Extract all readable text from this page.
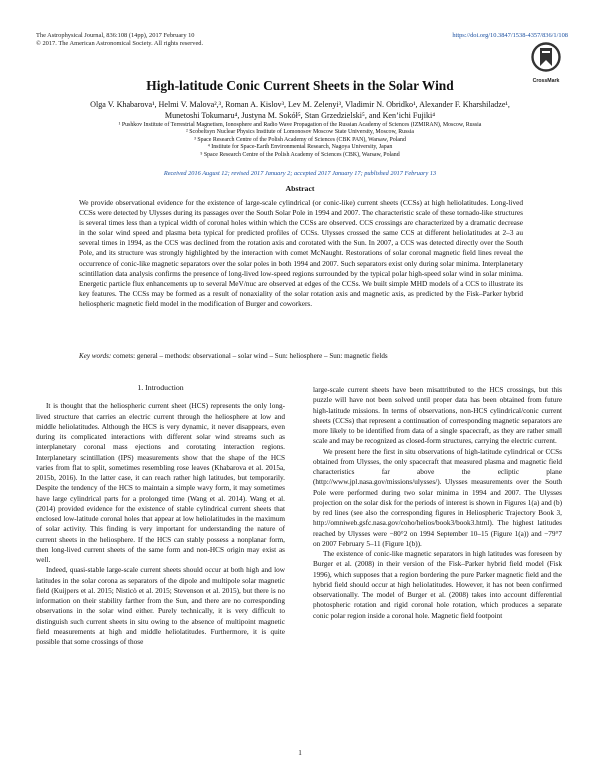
The Astrophysical Journal, 836:108 (14pp), 2017 February 10
© 2017. The American Astronomical Society. All rights reserved.
https://doi.org/10.3847/1538-4357/836/1/108
CrossMark
High-latitude Conic Current Sheets in the Solar Wind
Olga V. Khabarova¹, Helmi V. Malova²,³, Roman A. Kislov³, Lev M. Zelenyi³, Vladimir N. Obridko¹, Alexander F. Kharshiladze¹,
Munetoshi Tokumaru⁴, Justyna M. Sokół⁵, Stan Grzedzielski⁵, and Ken’ichi Fujiki⁴
¹ Pushkov Institute of Terrestrial Magnetism, Ionosphere and Radio Wave Propagation of the Russian Academy of Sciences (IZMIRAN), Moscow, Russia
² Scobeltsyn Nuclear Physics Institute of Lomonosov Moscow State University, Moscow, Russia
³ Space Research Centre of the Polish Academy of Sciences (CBK PAN), Warsaw, Poland
⁴ Institute for Space-Earth Environmental Research, Nagoya University, Japan
⁵ Space Research Centre of the Polish Academy of Sciences (CBK), Warsaw, Poland
Received 2016 August 12; revised 2017 January 2; accepted 2017 January 17; published 2017 February 13
Abstract
We provide observational evidence for the existence of large-scale cylindrical (or conic-like) current sheets (CCSs) at high heliolatitudes. Long-lived CCSs were detected by Ulysses during its passages over the South Solar Pole in 1994 and 2007. The characteristic scale of these tornado-like structures is several times less than a typical width of coronal holes within which the CCSs are observed. CCS crossings are characterized by a dramatic decrease in the solar wind speed and plasma beta typical for predicted profiles of CCSs. Ulysses crossed the same CCS at different heliolatitudes at 2–3 au several times in 1994, as the CCS was declined from the rotation axis and corotated with the Sun. In 2007, a CCS was detected directly over the South Pole, and its structure was strongly highlighted by the interaction with comet McNaught. Restorations of solar coronal magnetic field lines reveal the occurrence of conic-like magnetic separators over the solar poles in both 1994 and 2007. Such separators exist only during solar minima. Interplanetary scintillation data analysis confirms the presence of long-lived low-speed regions surrounded by the typical polar high-speed solar wind in solar minima. Energetic particle flux enhancements up to several MeV/nuc are observed at edges of the CCSs. We built simple MHD models of a CCS to illustrate its key features. The CCSs may be formed as a result of nonaxiality of the solar rotation axis and magnetic axis, as predicted by the Fisk–Parker hybrid heliospheric magnetic field model in the modification of Burger and coworkers.
Key words: comets: general – methods: observational – solar wind – Sun: heliosphere – Sun: magnetic fields
1. Introduction

It is thought that the heliospheric current sheet (HCS) represents the only long-lived structure that carries an electric current through the heliosphere at low and middle heliolatitudes. Although the HCS is very dynamic, it never disappears, even during its complicated interactions with different solar wind streams such as interplanetary coronal mass ejections and corotating interaction regions. Interplanetary scintillation (IPS) measurements show that the shape of the HCS varies from flat to split, sometimes resembling rose leaves (Khabarova et al. 2015a, 2015b, 2016). In the latter case, it can reach rather high latitudes, but temporarily. Despite the tendency of the HCS to maintain a simple wavy form, it may sometimes have large cylindrical parts for a prolonged time (Wang et al. 2014). Wang et al. (2014) provided evidence for the existence of stable cylindrical current sheets that enclosed low-latitude coronal holes that appear at low heliolatitudes in the maximum of solar activity. This finding is very important for understanding the nature of current sheets in the heliosphere. If the HCS can stably possess a nonplanar form, then long-lived current sheets of the same form and non-HCS origin may exist as well.

Indeed, quasi-stable large-scale current sheets should occur at both high and low latitudes in the solar corona as separators of the dipole and multipole solar magnetic field (Kuijpers et al. 2015; Nisticò et al. 2015; Stevenson et al. 2015), but there is no information on their stability farther from the Sun, and there are no corresponding observations in the solar wind either. Purely technically, it is very difficult to distinguish such current sheets in situ owing to the absence of multipoint magnetic field measurements at high and middle heliolatitudes. Furthermore, it is quite possible that some crossings of those

large-scale current sheets have been misattributed to the HCS crossings, but this puzzle will have not been solved until proper data has been obtained from future high-latitude missions. In terms of observations, non-HCS cylindrical/conic current sheets (CCSs) that represent a continuation of corresponding magnetic separators are more likely to be identified from data of a single spacecraft, as they are rather small scale and may be recognized as closed-form structures, carrying the electric current.

We present here the first in situ observations of high-latitude cylindrical or CCSs obtained from Ulysses, the only spacecraft that measured plasma and magnetic field characteristics far above the ecliptic plane (http://www.jpl.nasa.gov/missions/ulysses/). Ulysses measurements over the South Pole were performed during two solar minima in 1994 and 2007. The Ulysses projection on the solar disk for the periods of interest is shown in Figures 1(a) and (b) by red lines (see also the corresponding figures in Heliospheric Trajectory Book 3, http://omniweb.gsfc.nasa.gov/coho/helios/book3/book3.html). The highest latitudes reached by Ulysses were −80°2 on 1994 September 10–15 (Figure 1(a)) and −79°7 on 2007 February 5–11 (Figure 1(b)).

The existence of conic-like magnetic separators in high latitudes was foreseen by Burger et al. (2008) in their version of the Fisk–Parker hybrid field model (Fisk 1996), which supposes that a region bordering the pure Parker magnetic field and the hybrid field should occur at high heliolatitudes. However, it has not been confirmed observationally. The model of Burger et al. (2008) takes into account differential photospheric rotation and rigid coronal hole rotation, which produces a separate conic polar region inside a coronal hole. Magnetic field footpoint

1
